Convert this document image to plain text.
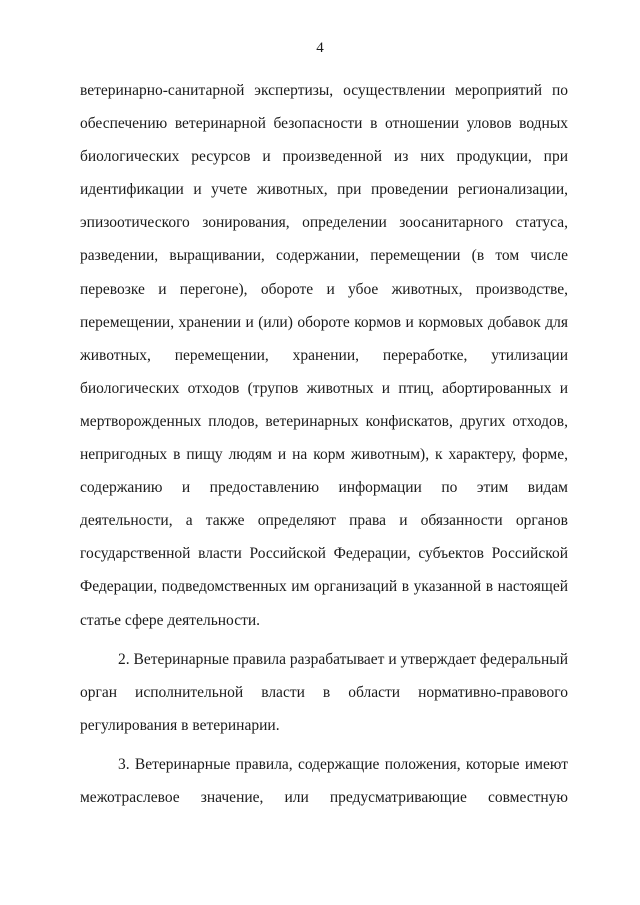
4

ветеринарно-санитарной экспертизы, осуществлении мероприятий по обеспечению ветеринарной безопасности в отношении уловов водных биологических ресурсов и произведенной из них продукции, при идентификации и учете животных, при проведении регионализации, эпизоотического зонирования, определении зоосанитарного статуса, разведении, выращивании, содержании, перемещении (в том числе перевозке и перегоне), обороте и убое животных, производстве, перемещении, хранении и (или) обороте кормов и кормовых добавок для животных, перемещении, хранении, переработке, утилизации биологических отходов (трупов животных и птиц, абортированных и мертворожденных плодов, ветеринарных конфискатов, других отходов, непригодных в пищу людям и на корм животным), к характеру, форме, содержанию и предоставлению информации по этим видам деятельности, а также определяют права и обязанности органов государственной власти Российской Федерации, субъектов Российской Федерации, подведомственных им организаций в указанной в настоящей статье сфере деятельности.

2. Ветеринарные правила разрабатывает и утверждает федеральный орган исполнительной власти в области нормативно-правового регулирования в ветеринарии.

3. Ветеринарные правила, содержащие положения, которые имеют межотраслевое значение, или предусматривающие совместную
